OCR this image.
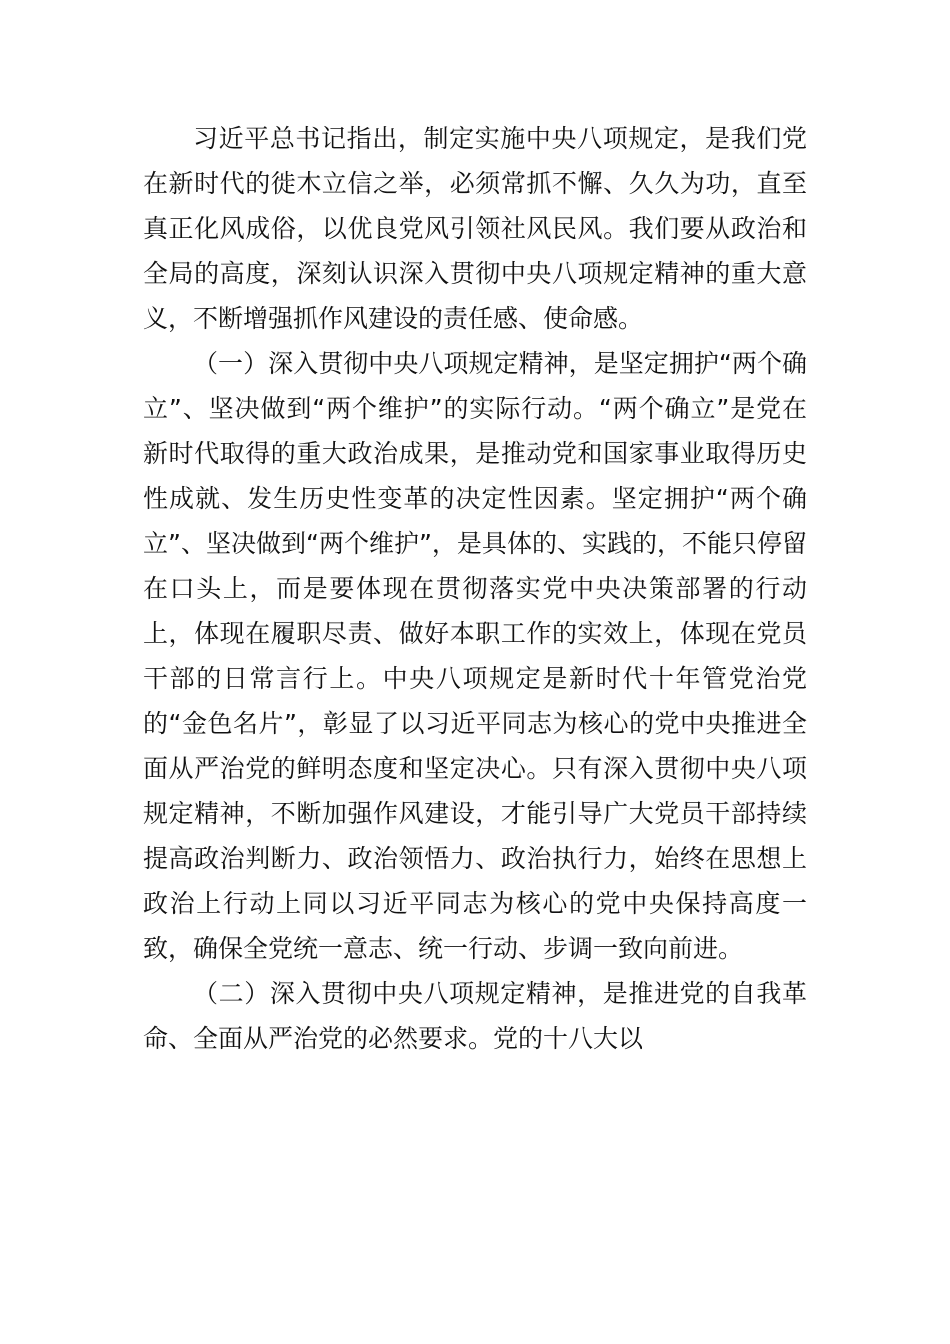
习近平总书记指出，制定实施中央八项规定，是我们党在新时代的徙木立信之举，必须常抓不懈、久久为功，直至真正化风成俗，以优良党风引领社风民风。我们要从政治和全局的高度，深刻认识深入贯彻中央八项规定精神的重大意义，不断增强抓作风建设的责任感、使命感。

（一）深入贯彻中央八项规定精神，是坚定拥护“两个确立”、坚决做到“两个维护”的实际行动。“两个确立”是党在新时代取得的重大政治成果，是推动党和国家事业取得历史性成就、发生历史性变革的决定性因素。坚定拥护“两个确立”、坚决做到“两个维护”，是具体的、实践的，不能只停留在口头上，而是要体现在贯彻落实党中央决策部署的行动上，体现在履职尽责、做好本职工作的实效上，体现在党员干部的日常言行上。中央八项规定是新时代十年管党治党的“金色名片”，彰显了以习近平同志为核心的党中央推进全面从严治党的鲜明态度和坚定决心。只有深入贯彻中央八项规定精神，不断加强作风建设，才能引导广大党员干部持续提高政治判断力、政治领悟力、政治执行力，始终在思想上政治上行动上同以习近平同志为核心的党中央保持高度一致，确保全党统一意志、统一行动、步调一致向前进。

（二）深入贯彻中央八项规定精神，是推进党的自我革命、全面从严治党的必然要求。党的十八大以
